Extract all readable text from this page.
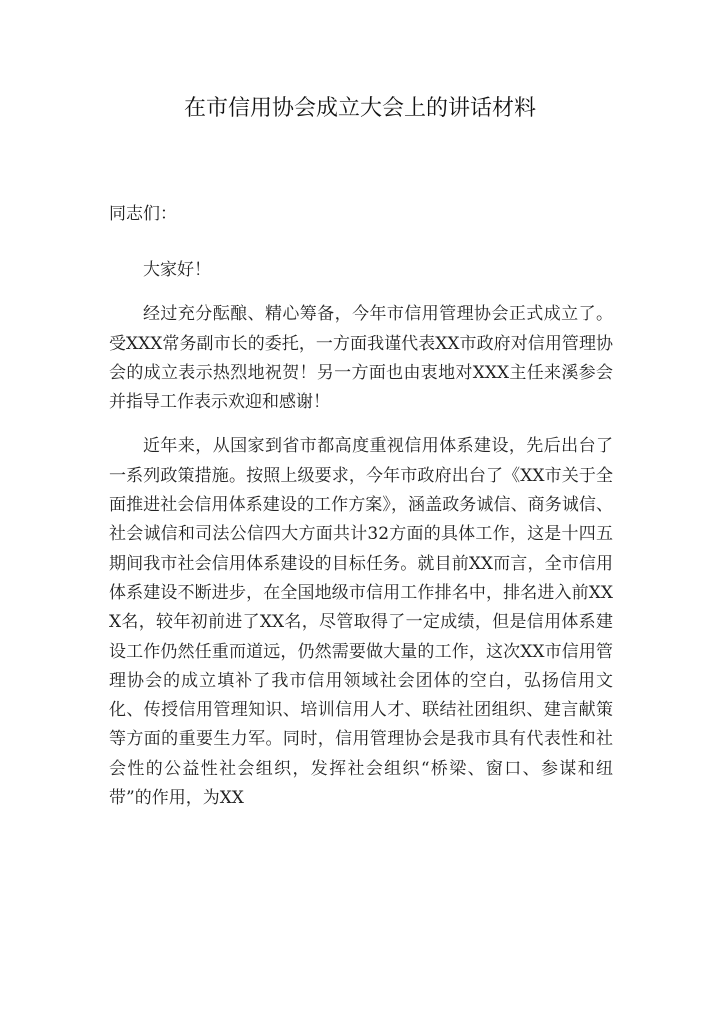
在市信用协会成立大会上的讲话材料

同志们：

大家好！

经过充分酝酿、精心筹备，今年市信用管理协会正式成立了。受XXX常务副市长的委托，一方面我谨代表XX市政府对信用管理协会的成立表示热烈地祝贺！另一方面也由衷地对XXX主任来溪参会并指导工作表示欢迎和感谢！

近年来，从国家到省市都高度重视信用体系建设，先后出台了一系列政策措施。按照上级要求，今年市政府出台了《XX市关于全面推进社会信用体系建设的工作方案》，涵盖政务诚信、商务诚信、社会诚信和司法公信四大方面共计32方面的具体工作，这是十四五期间我市社会信用体系建设的目标任务。就目前XX而言，全市信用体系建设不断进步，在全国地级市信用工作排名中，排名进入前XXX名，较年初前进了XX名，尽管取得了一定成绩，但是信用体系建设工作仍然任重而道远，仍然需要做大量的工作，这次XX市信用管理协会的成立填补了我市信用领域社会团体的空白，弘扬信用文化、传授信用管理知识、培训信用人才、联结社团组织、建言献策等方面的重要生力军。同时，信用管理协会是我市具有代表性和社会性的公益性社会组织，发挥社会组织“桥梁、窗口、参谋和纽带”的作用，为XX
